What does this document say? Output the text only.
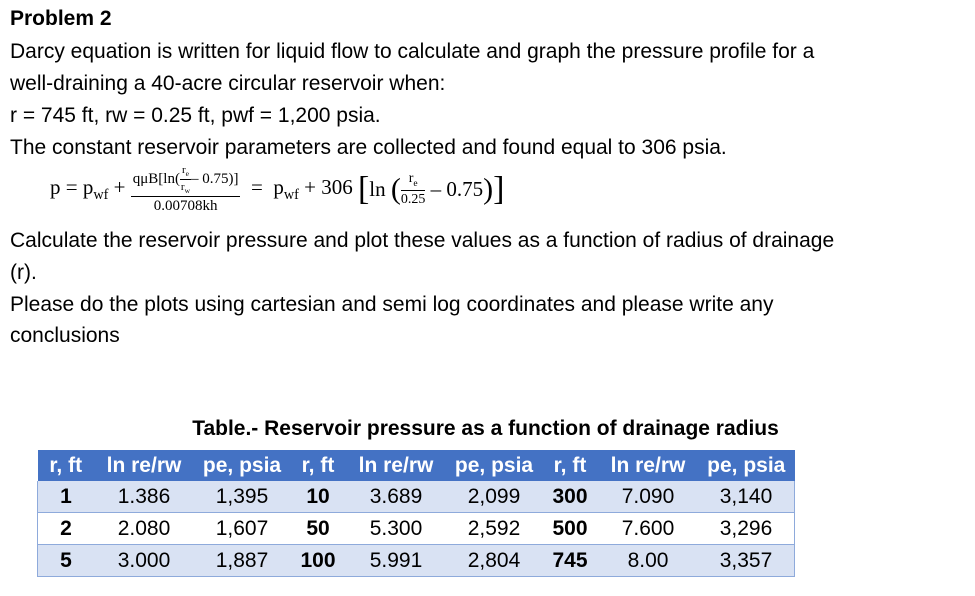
Problem 2
Darcy equation is written for liquid flow to calculate and graph the pressure profile for a
well-draining a 40-acre circular reservoir when:
r = 745 ft, rw = 0.25 ft, pwf = 1,200 psia.
The constant reservoir parameters are collected and found equal to 306 psia.
$p = p_{wf} + \frac{q\mu B[\ln( \frac{r_e}{r_w} - 0.75)]}{0.00708kh} = p_{wf} + 306$ [ln ( $\frac{r_e}{0.25} - 0.75$)]
Calculate the reservoir pressure and plot these values as a function of radius of drainage
(r).
Please do the plots using cartesian and semi log coordinates and please write any
conclusions
Table.- Reservoir pressure as a function of drainage radius
r, ft	ln re/rw	pe, psia	r, ft	ln re/rw	pe, psia	r, ft	ln re/rw	pe, psia
1	1.386	1,395	10	3.689	2,099	300	7.090	3,140
2	2.080	1,607	50	5.300	2,592	500	7.600	3,296
5	3.000	1,887	100	5.991	2,804	745	8.00	3,357
